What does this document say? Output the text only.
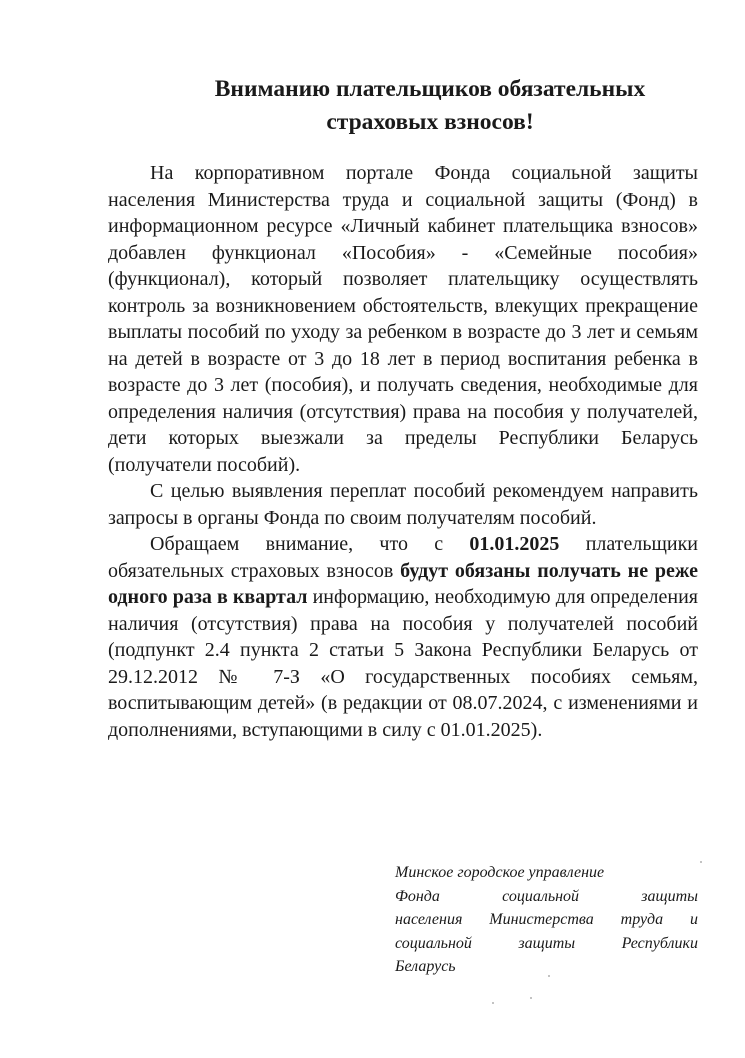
Вниманию плательщиков обязательных
страховых взносов!

На корпоративном портале Фонда социальной защиты населения Министерства труда и социальной защиты (Фонд) в информационном ресурсе «Личный кабинет плательщика взносов» добавлен функционал «Пособия» - «Семейные пособия» (функционал), который позволяет плательщику осуществлять контроль за возникновением обстоятельств, влекущих прекращение выплаты пособий по уходу за ребенком в возрасте до 3 лет и семьям на детей в возрасте от 3 до 18 лет в период воспитания ребенка в возрасте до 3 лет (пособия), и получать сведения, необходимые для определения наличия (отсутствия) права на пособия у получателей, дети которых выезжали за пределы Республики Беларусь (получатели пособий).

С целью выявления переплат пособий рекомендуем направить запросы в органы Фонда по своим получателям пособий.

Обращаем внимание, что с 01.01.2025 плательщики обязательных страховых взносов будут обязаны получать не реже одного раза в квартал информацию, необходимую для определения наличия (отсутствия) права на пособия у получателей пособий (подпункт 2.4 пункта 2 статьи 5 Закона Республики Беларусь от 29.12.2012 № 7-З «О государственных пособиях семьям, воспитывающим детей» (в редакции от 08.07.2024, с изменениями и дополнениями, вступающими в силу с 01.01.2025).

Минское городское управление
Фонда социальной защиты
населения Министерства труда и
социальной защиты Республики
Беларусь
